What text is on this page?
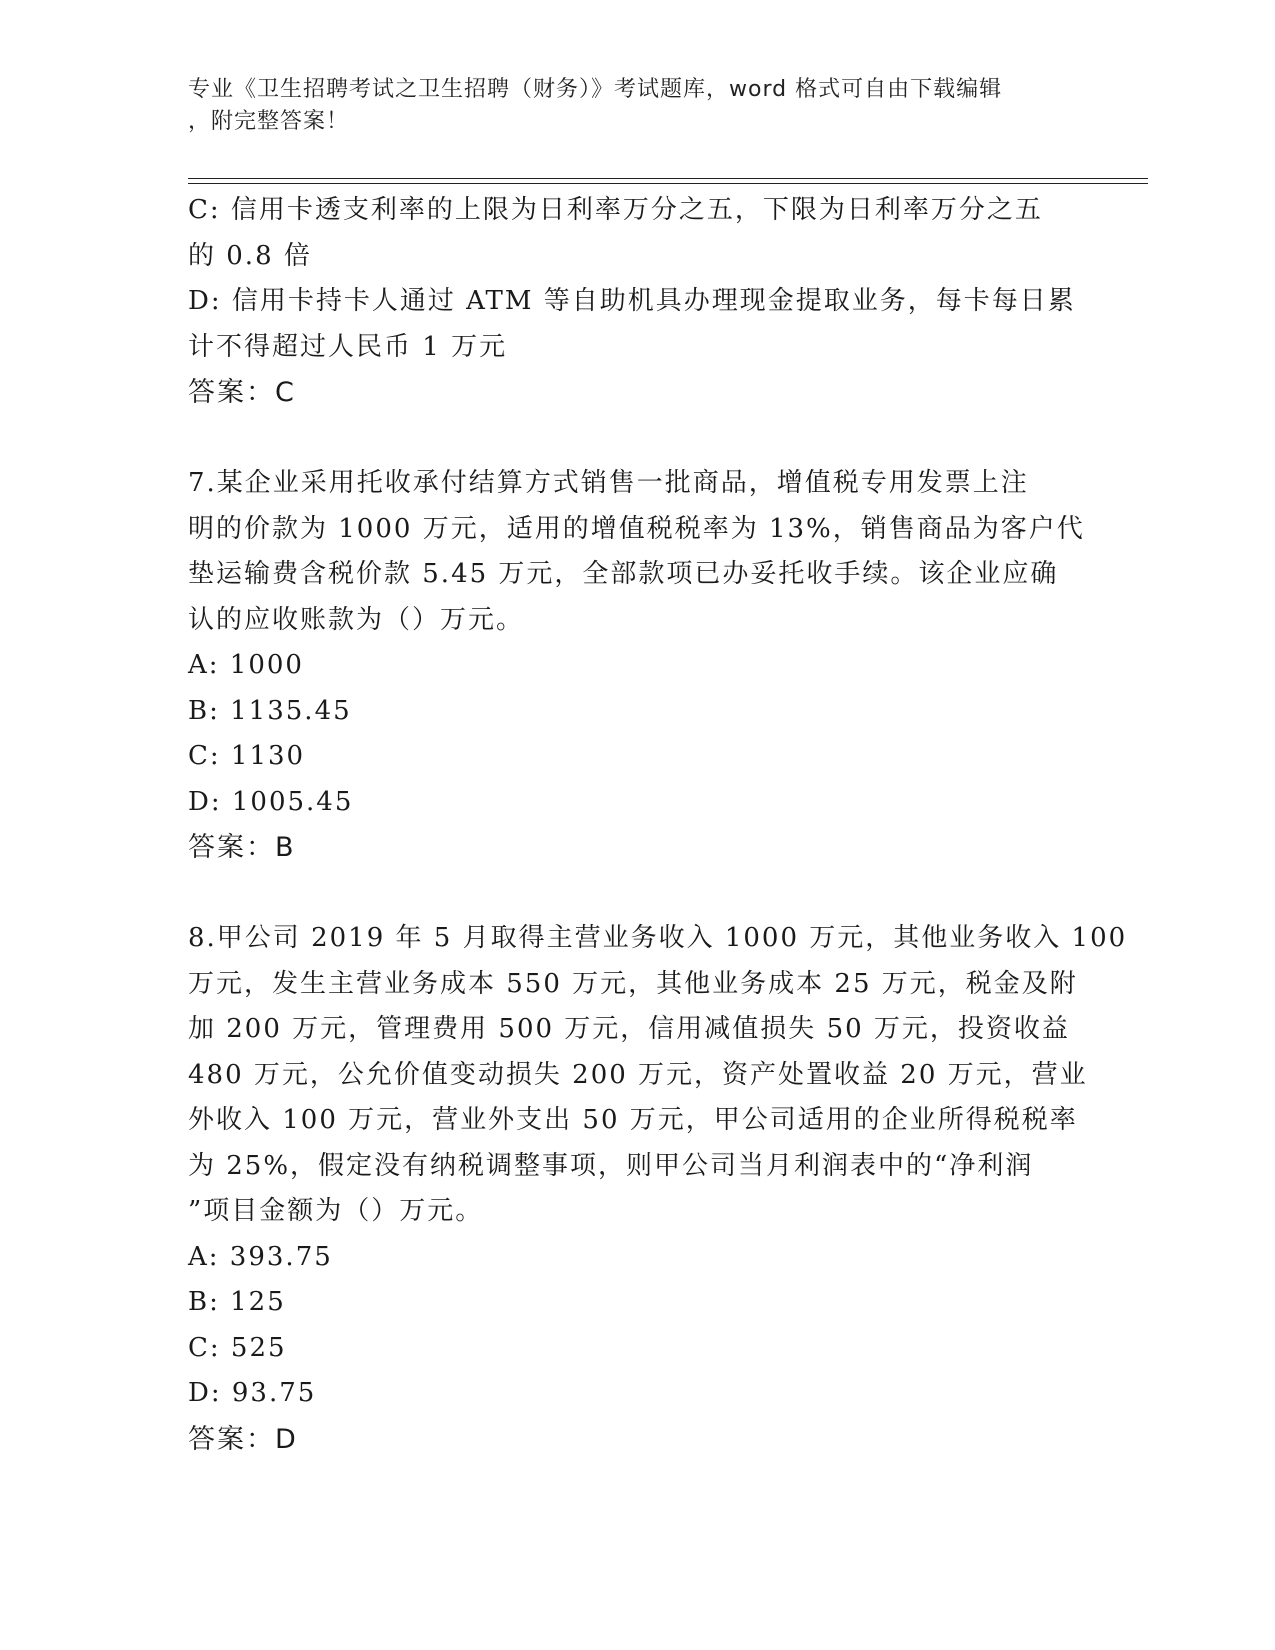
专业《卫生招聘考试之卫生招聘（财务）》考试题库，word 格式可自由下载编辑
，附完整答案！
C: 信用卡透支利率的上限为日利率万分之五，下限为日利率万分之五
的 0.8 倍
D: 信用卡持卡人通过 ATM 等自助机具办理现金提取业务，每卡每日累
计不得超过人民币 1 万元
答案：C
7.某企业采用托收承付结算方式销售一批商品，增值税专用发票上注
明的价款为 1000 万元，适用的增值税税率为 13%，销售商品为客户代
垫运输费含税价款 5.45 万元，全部款项已办妥托收手续。该企业应确
认的应收账款为（）万元。
A: 1000
B: 1135.45
C: 1130
D: 1005.45
答案：B
8.甲公司 2019 年 5 月取得主营业务收入 1000 万元，其他业务收入 100
万元，发生主营业务成本 550 万元，其他业务成本 25 万元，税金及附
加 200 万元，管理费用 500 万元，信用减值损失 50 万元，投资收益
480 万元，公允价值变动损失 200 万元，资产处置收益 20 万元，营业
外收入 100 万元，营业外支出 50 万元，甲公司适用的企业所得税税率
为 25%，假定没有纳税调整事项，则甲公司当月利润表中的“净利润
”项目金额为（）万元。
A: 393.75
B: 125
C: 525
D: 93.75
答案：D
